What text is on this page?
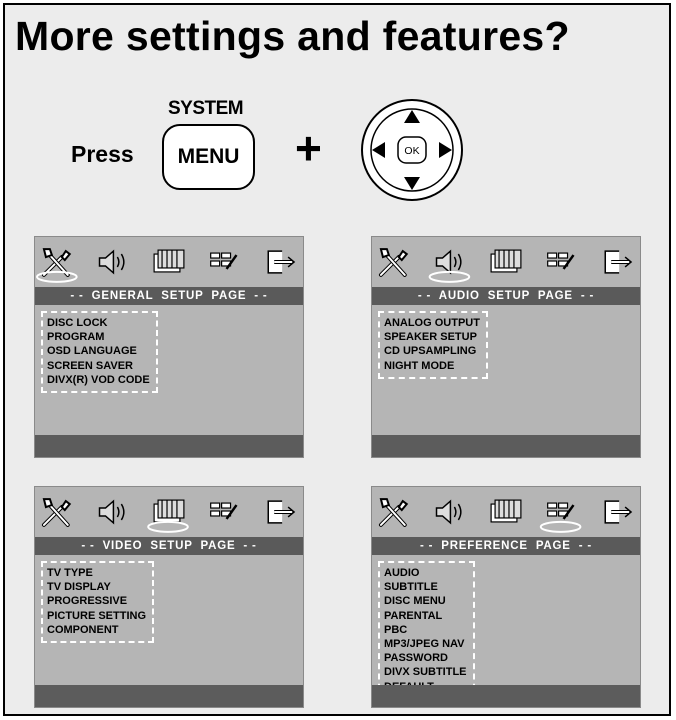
More settings and features?
Press
SYSTEM
MENU +	OK
- -  GENERAL  SETUP  PAGE  - -
DISC LOCK
PROGRAM
OSD LANGUAGE
SCREEN SAVER
DIVX(R) VOD CODE
- -  AUDIO  SETUP  PAGE  - -
ANALOG OUTPUT
SPEAKER SETUP
CD UPSAMPLING
NIGHT MODE
- -  VIDEO  SETUP  PAGE  - -
TV TYPE
TV DISPLAY
PROGRESSIVE
PICTURE SETTING
COMPONENT
- -  PREFERENCE  PAGE  - -
AUDIO
SUBTITLE
DISC MENU
PARENTAL
PBC
MP3/JPEG NAV
PASSWORD
DIVX SUBTITLE
